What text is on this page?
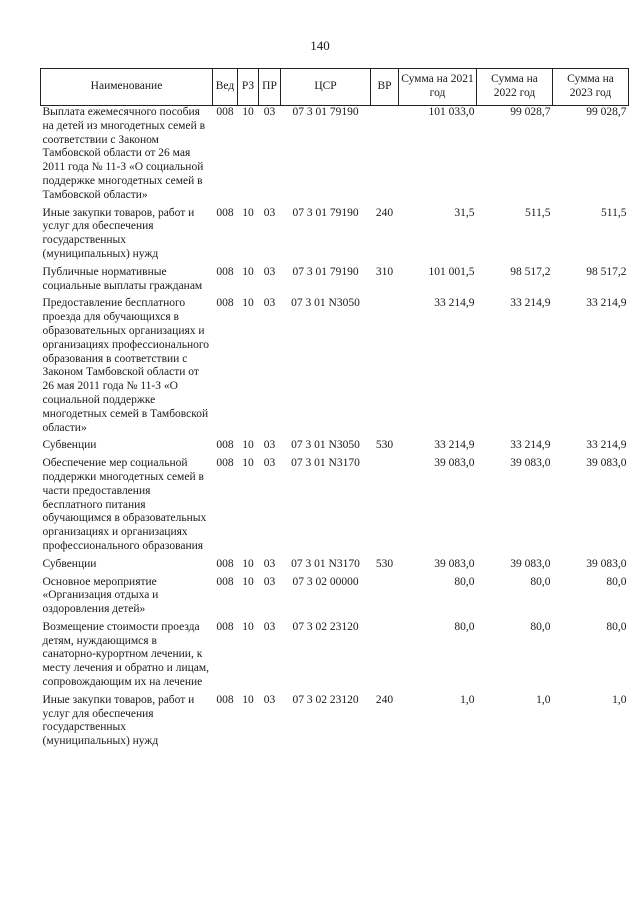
140
Наименование	Вед	РЗ	ПР	ЦСР	ВР	Сумма на 2021 год	Сумма на 2022 год	Сумма на 2023 год
Выплата ежемесячного пособия на детей из многодетных семей в соответствии с Законом Тамбовской области от 26 мая 2011 года № 11-З «О социальной поддержке многодетных семей в Тамбовской области»	008	10	03	07 3 01 79190		101 033,0	99 028,7	99 028,7
Иные закупки товаров, работ и услуг для обеспечения государственных (муниципальных) нужд	008	10	03	07 3 01 79190	240	31,5	511,5	511,5
Публичные нормативные социальные выплаты гражданам	008	10	03	07 3 01 79190	310	101 001,5	98 517,2	98 517,2
Предоставление бесплатного проезда для обучающихся в образовательных организациях и организациях профессионального образования в соответствии с Законом Тамбовской области от 26 мая 2011 года № 11-З «О социальной поддержке многодетных семей в Тамбовской области»	008	10	03	07 3 01 N3050		33 214,9	33 214,9	33 214,9
Субвенции	008	10	03	07 3 01 N3050	530	33 214,9	33 214,9	33 214,9
Обеспечение мер социальной поддержки многодетных семей в части предоставления бесплатного питания обучающимся в образовательных организациях и организациях профессионального образования	008	10	03	07 3 01 N3170		39 083,0	39 083,0	39 083,0
Субвенции	008	10	03	07 3 01 N3170	530	39 083,0	39 083,0	39 083,0
Основное мероприятие «Организация отдыха и оздоровления детей»	008	10	03	07 3 02 00000		80,0	80,0	80,0
Возмещение стоимости проезда детям, нуждающимся в санаторно-курортном лечении, к месту лечения и обратно и лицам, сопровождающим их на лечение	008	10	03	07 3 02 23120		80,0	80,0	80,0
Иные закупки товаров, работ и услуг для обеспечения государственных (муниципальных) нужд	008	10	03	07 3 02 23120	240	1,0	1,0	1,0
